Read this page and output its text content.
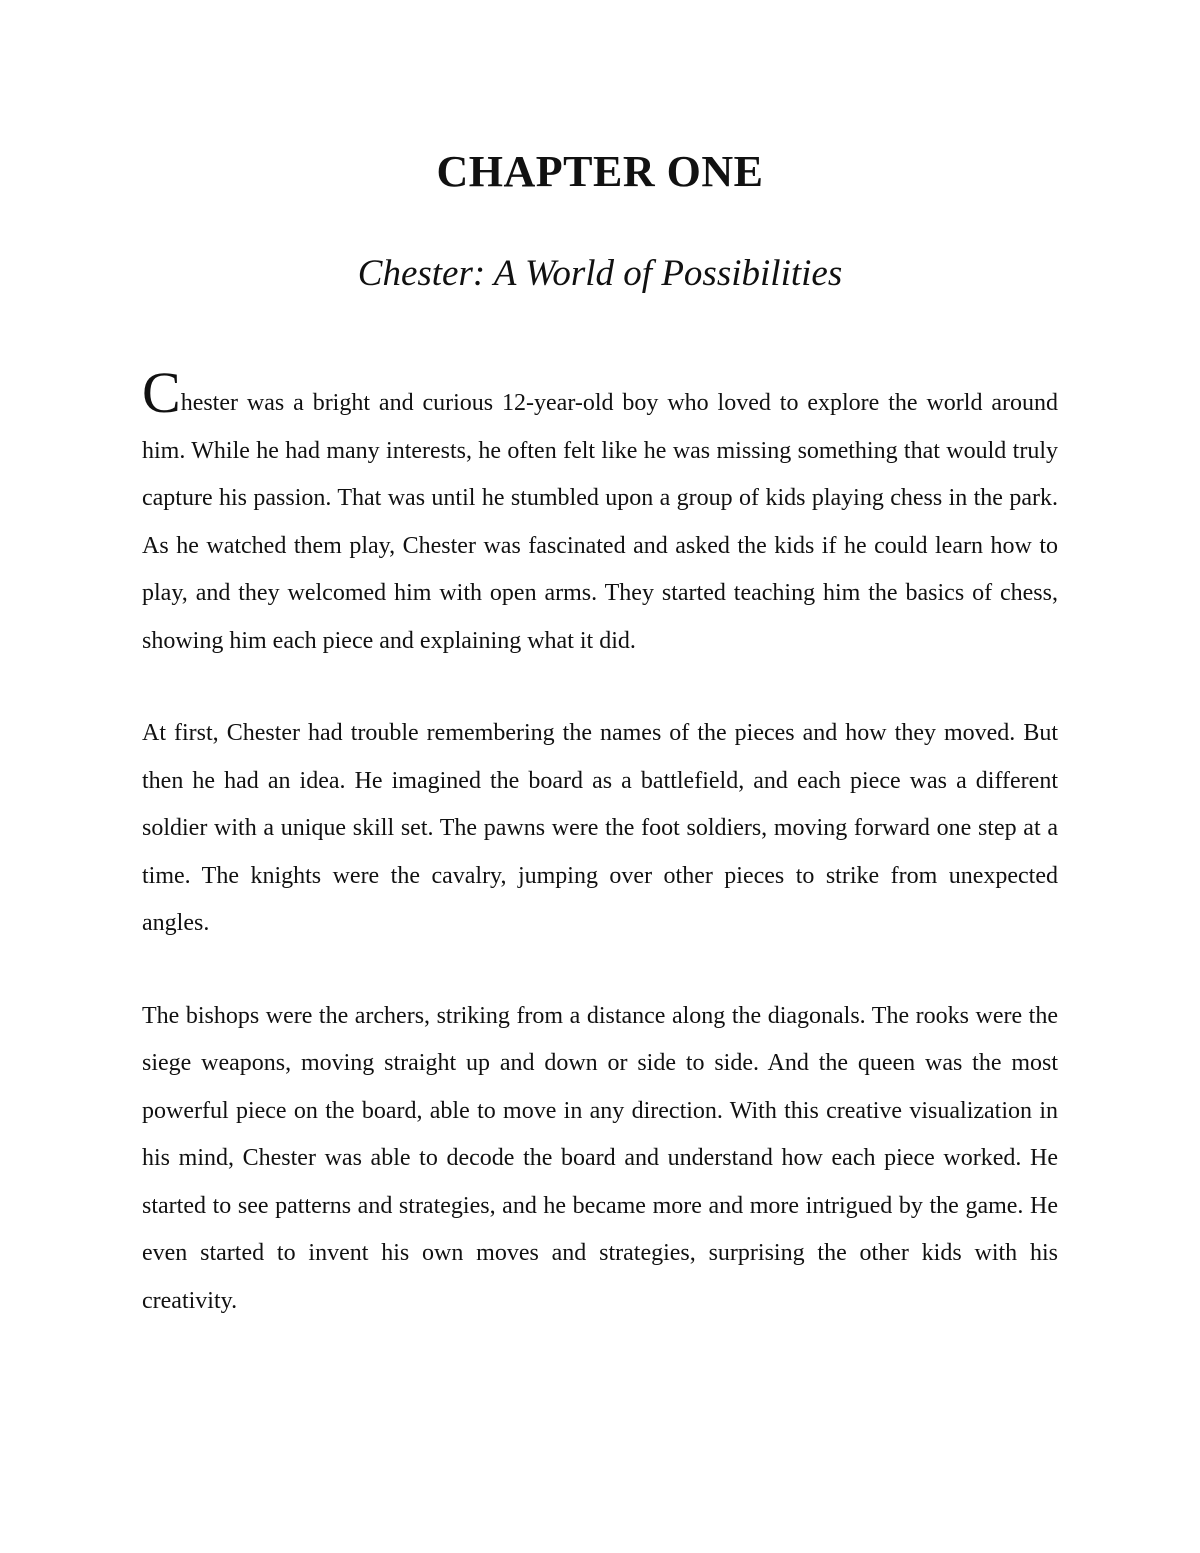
CHAPTER ONE
Chester: A World of Possibilities

Chester was a bright and curious 12-year-old boy who loved to explore the world around him. While he had many interests, he often felt like he was missing something that would truly capture his passion. That was until he stumbled upon a group of kids playing chess in the park. As he watched them play, Chester was fascinated and asked the kids if he could learn how to play, and they welcomed him with open arms. They started teaching him the basics of chess, showing him each piece and explaining what it did.

At first, Chester had trouble remembering the names of the pieces and how they moved. But then he had an idea. He imagined the board as a battlefield, and each piece was a different soldier with a unique skill set. The pawns were the foot soldiers, moving forward one step at a time. The knights were the cavalry, jumping over other pieces to strike from unexpected angles.

The bishops were the archers, striking from a distance along the diagonals. The rooks were the siege weapons, moving straight up and down or side to side. And the queen was the most powerful piece on the board, able to move in any direction. With this creative visualization in his mind, Chester was able to decode the board and understand how each piece worked. He started to see patterns and strategies, and he became more and more intrigued by the game. He even started to invent his own moves and strategies, surprising the other kids with his creativity.
